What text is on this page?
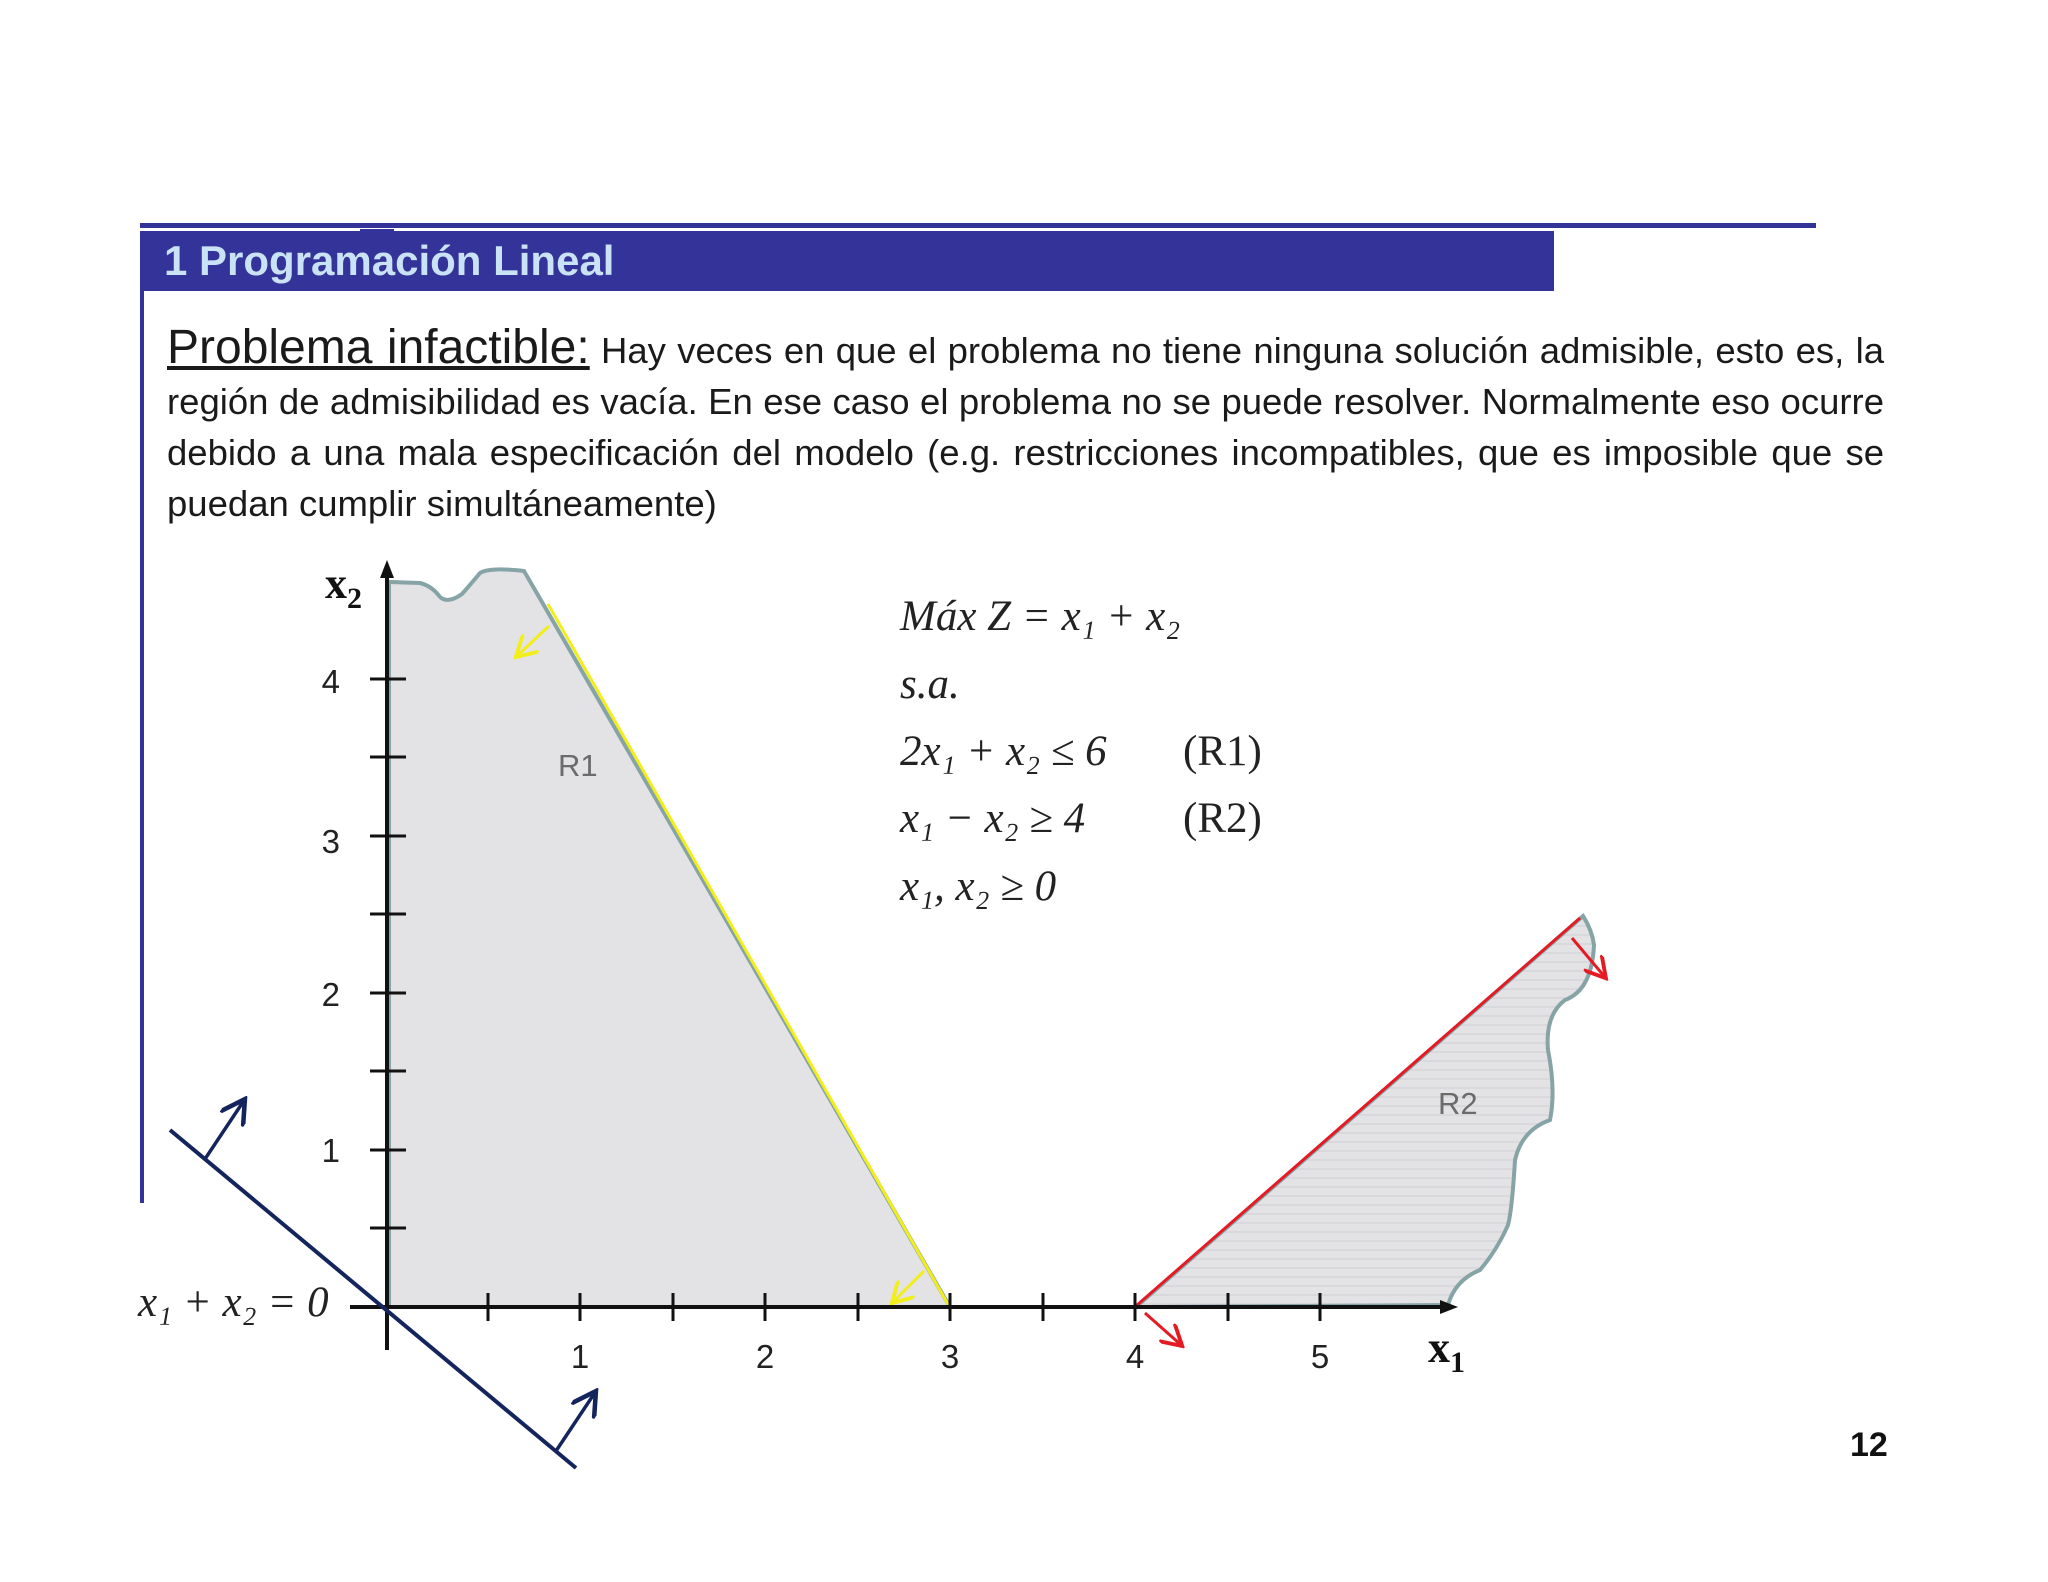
1 Programación Lineal
Problema infactible: Hay veces en que el problema no tiene ninguna solución admisible, esto es, la región de admisibilidad es vacía. En ese caso el problema no se puede resolver. Normalmente eso ocurre debido a una mala especificación del modelo (e.g. restricciones incompatibles, que es imposible que se puedan cumplir simultáneamente)
1	2	3	4	5
1
2
3
4
$x_1$
$x_2$
R1
R2
x₁ + x₂ = 0
Máx Z = x₁ + x₂
s.a.
2x₁ + x₂ ≤ 6 (R1)
x₁ − x₂ ≥ 4 (R2)
x₁, x₂ ≥ 0
12
